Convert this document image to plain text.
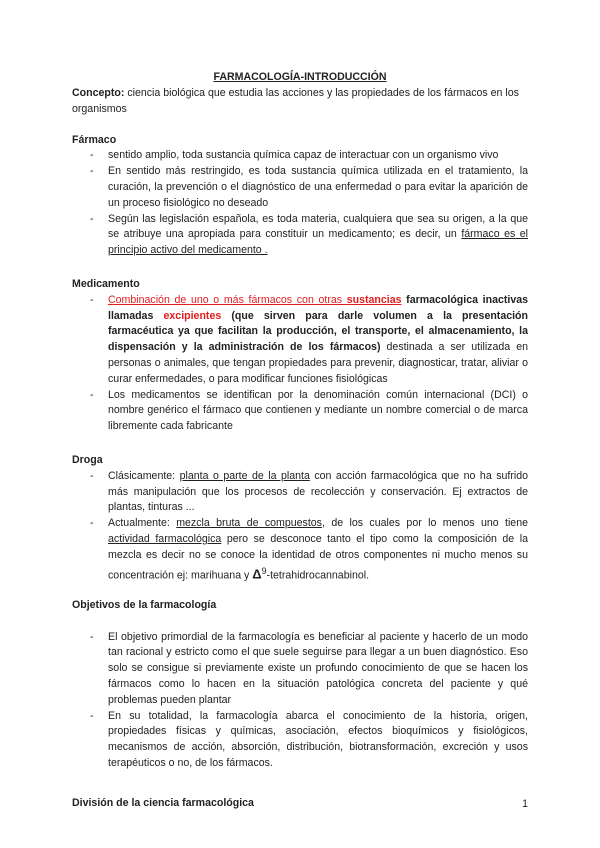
FARMACOLOGÍA-INTRODUCCIÓN

Concepto: ciencia biológica que estudia las acciones y las propiedades de los fármacos en los organismos

Fármaco
- sentido amplio, toda sustancia química capaz de interactuar con un organismo vivo
- En sentido más restringido, es toda sustancia química utilizada en el tratamiento, la curación, la prevención o el diagnóstico de una enfermedad o para evitar la aparición de un proceso fisiológico no deseado
- Según las legislación española, es toda materia, cualquiera que sea su origen, a la que se atribuye una apropiada para constituir un medicamento; es decir, un fármaco es el principio activo del medicamento .
Medicamento
- Combinación de uno o más fármacos con otras sustancias farmacológica inactivas llamadas excipientes (que sirven para darle volumen a la presentación farmacéutica ya que facilitan la producción, el transporte, el almacenamiento, la dispensación y la administración de los fármacos) destinada a ser utilizada en personas o animales, que tengan propiedades para prevenir, diagnosticar, tratar, aliviar o curar enfermedades, o para modificar funciones fisiológicas
- Los medicamentos se identifican por la denominación común internacional (DCI) o nombre genérico el fármaco que contienen y mediante un nombre comercial o de marca libremente cada fabricante
Droga
- Clásicamente: planta o parte de la planta con acción farmacológica que no ha sufrido más manipulación que los procesos de recolección y conservación. Ej extractos de plantas, tinturas ...
- Actualmente: mezcla bruta de compuestos, de los cuales por lo menos uno tiene actividad farmacológica pero se desconoce tanto el tipo como la composición de la mezcla es decir no se conoce la identidad de otros componentes ni mucho menos su concentración ej: marihuana y $\Delta^9$-tetrahidrocannabinol.
Objetivos de la farmacología
- El objetivo primordial de la farmacología es beneficiar al paciente y hacerlo de un modo tan racional y estricto como el que suele seguirse para llegar a un buen diagnóstico. Eso solo se consigue si previamente existe un profundo conocimiento de que se hacen los fármacos como lo hacen en la situación patológica concreta del paciente y qué problemas pueden plantar
- En su totalidad, la farmacología abarca el conocimiento de la historia, origen, propiedades físicas y químicas, asociación, efectos bioquímicos y fisiológicos, mecanismos de acción, absorción, distribución, biotransformación, excreción y usos terapéuticos o no, de los fármacos.
División de la ciencia farmacológica	1
